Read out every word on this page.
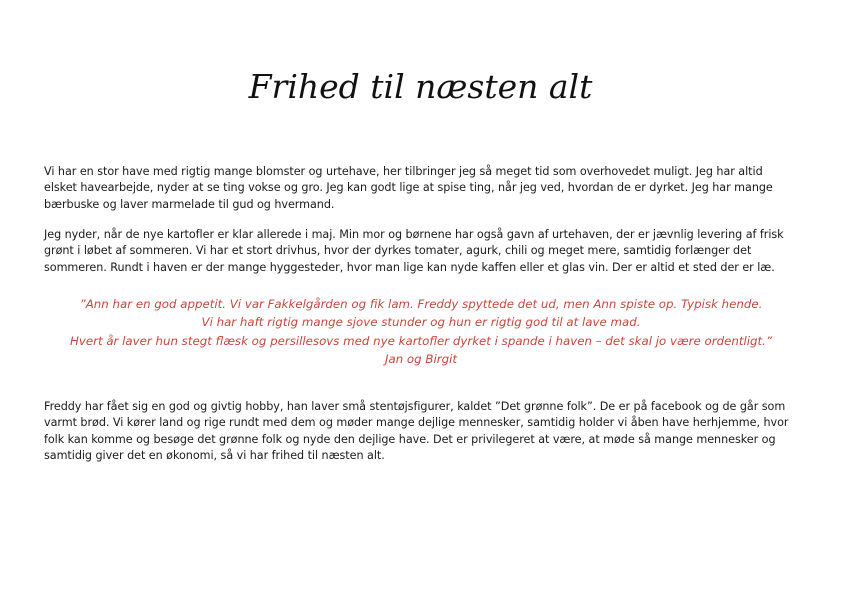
Frihed til næsten alt

Vi har en stor have med rigtig mange blomster og urtehave, her tilbringer jeg så meget tid som overhovedet muligt. Jeg har altid elsket havearbejde, nyder at se ting vokse og gro. Jeg kan godt lige at spise ting, når jeg ved, hvordan de er dyrket. Jeg har mange bærbuske og laver marmelade til gud og hvermand.

Jeg nyder, når de nye kartofler er klar allerede i maj. Min mor og børnene har også gavn af urtehaven, der er jævnlig levering af frisk grønt i løbet af sommeren. Vi har et stort drivhus, hvor der dyrkes tomater, agurk, chili og meget mere, samtidig forlænger det sommeren. Rundt i haven er der mange hyggesteder, hvor man lige kan nyde kaffen eller et glas vin. Der er altid et sted der er læ.

”Ann har en god appetit. Vi var Fakkelgården og fik lam. Freddy spyttede det ud, men Ann spiste op. Typisk hende.
Vi har haft rigtig mange sjove stunder og hun er rigtig god til at lave mad.
Hvert år laver hun stegt flæsk og persillesovs med nye kartofler dyrket i spande i haven – det skal jo være ordentligt.”
Jan og Birgit

Freddy har fået sig en god og givtig hobby, han laver små stentøjsfigurer, kaldet ”Det grønne folk”. De er på facebook og de går som varmt brød. Vi kører land og rige rundt med dem og møder mange dejlige mennesker, samtidig holder vi åben have herhjemme, hvor folk kan komme og besøge det grønne folk og nyde den dejlige have. Det er privilegeret at være, at møde så mange mennesker og samtidig giver det en økonomi, så vi har frihed til næsten alt.
